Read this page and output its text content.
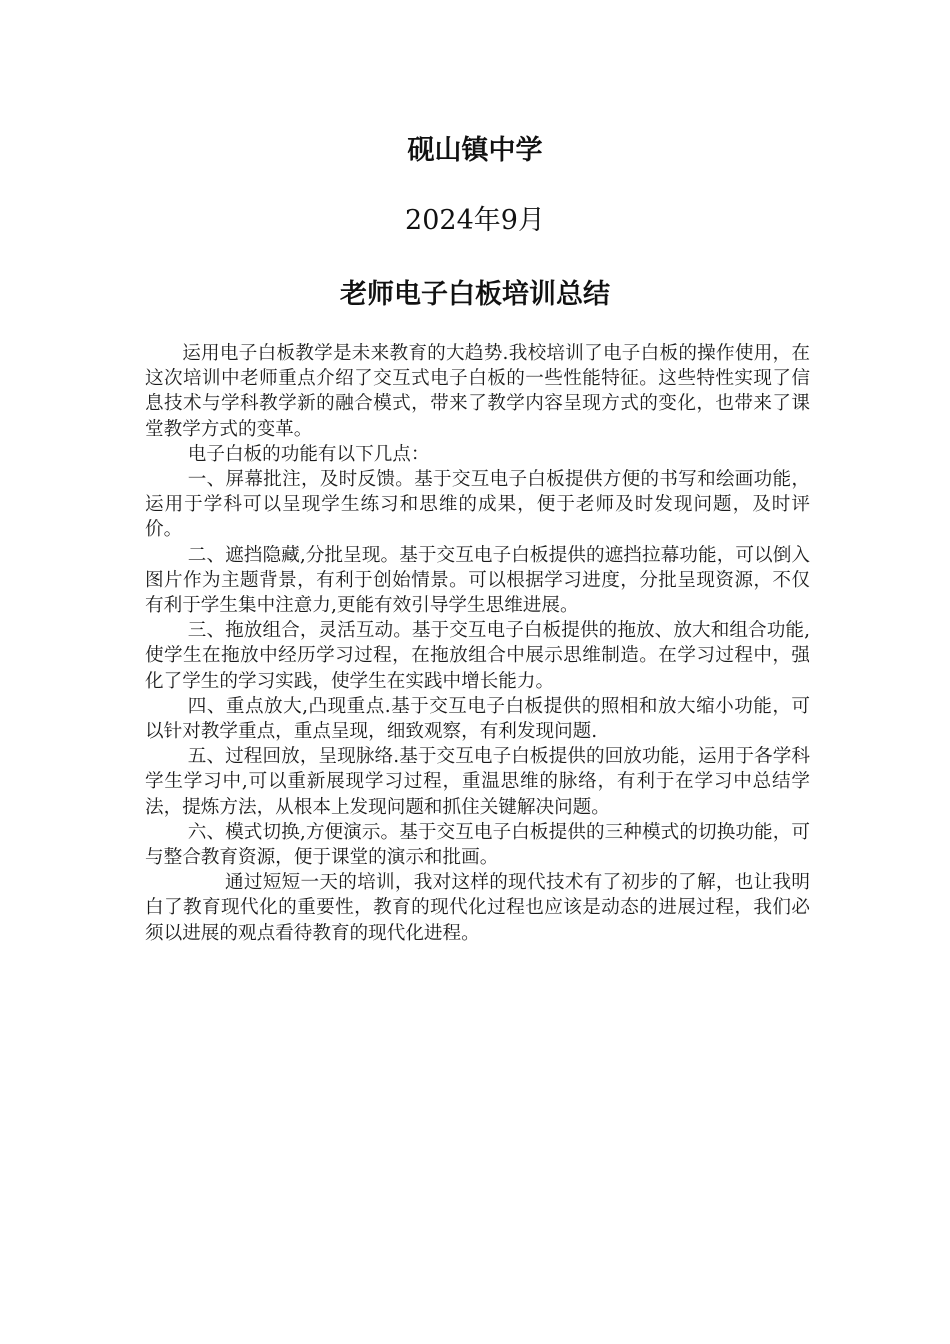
砚山镇中学
2024年9月
老师电子白板培训总结

运用电子白板教学是未来教育的大趋势.我校培训了电子白板的操作使用，在这次培训中老师重点介绍了交互式电子白板的一些性能特征。这些特性实现了信息技术与学科教学新的融合模式，带来了教学内容呈现方式的变化，也带来了课堂教学方式的变革。

电子白板的功能有以下几点：

一、屏幕批注，及时反馈。基于交互电子白板提供方便的书写和绘画功能，运用于学科可以呈现学生练习和思维的成果，便于老师及时发现问题，及时评价。

二、遮挡隐藏,分批呈现。基于交互电子白板提供的遮挡拉幕功能，可以倒入图片作为主题背景，有利于创始情景。可以根据学习进度，分批呈现资源，不仅有利于学生集中注意力,更能有效引导学生思维进展。

三、拖放组合，灵活互动。基于交互电子白板提供的拖放、放大和组合功能,使学生在拖放中经历学习过程，在拖放组合中展示思维制造。在学习过程中，强化了学生的学习实践，使学生在实践中增长能力。

四、重点放大,凸现重点.基于交互电子白板提供的照相和放大缩小功能，可以针对教学重点，重点呈现，细致观察，有利发现问题.

五、过程回放，呈现脉络.基于交互电子白板提供的回放功能，运用于各学科学生学习中,可以重新展现学习过程，重温思维的脉络，有利于在学习中总结学法，提炼方法，从根本上发现问题和抓住关键解决问题。

六、模式切换,方便演示。基于交互电子白板提供的三种模式的切换功能，可与整合教育资源，便于课堂的演示和批画。

通过短短一天的培训，我对这样的现代技术有了初步的了解，也让我明白了教育现代化的重要性，教育的现代化过程也应该是动态的进展过程，我们必须以进展的观点看待教育的现代化进程。
